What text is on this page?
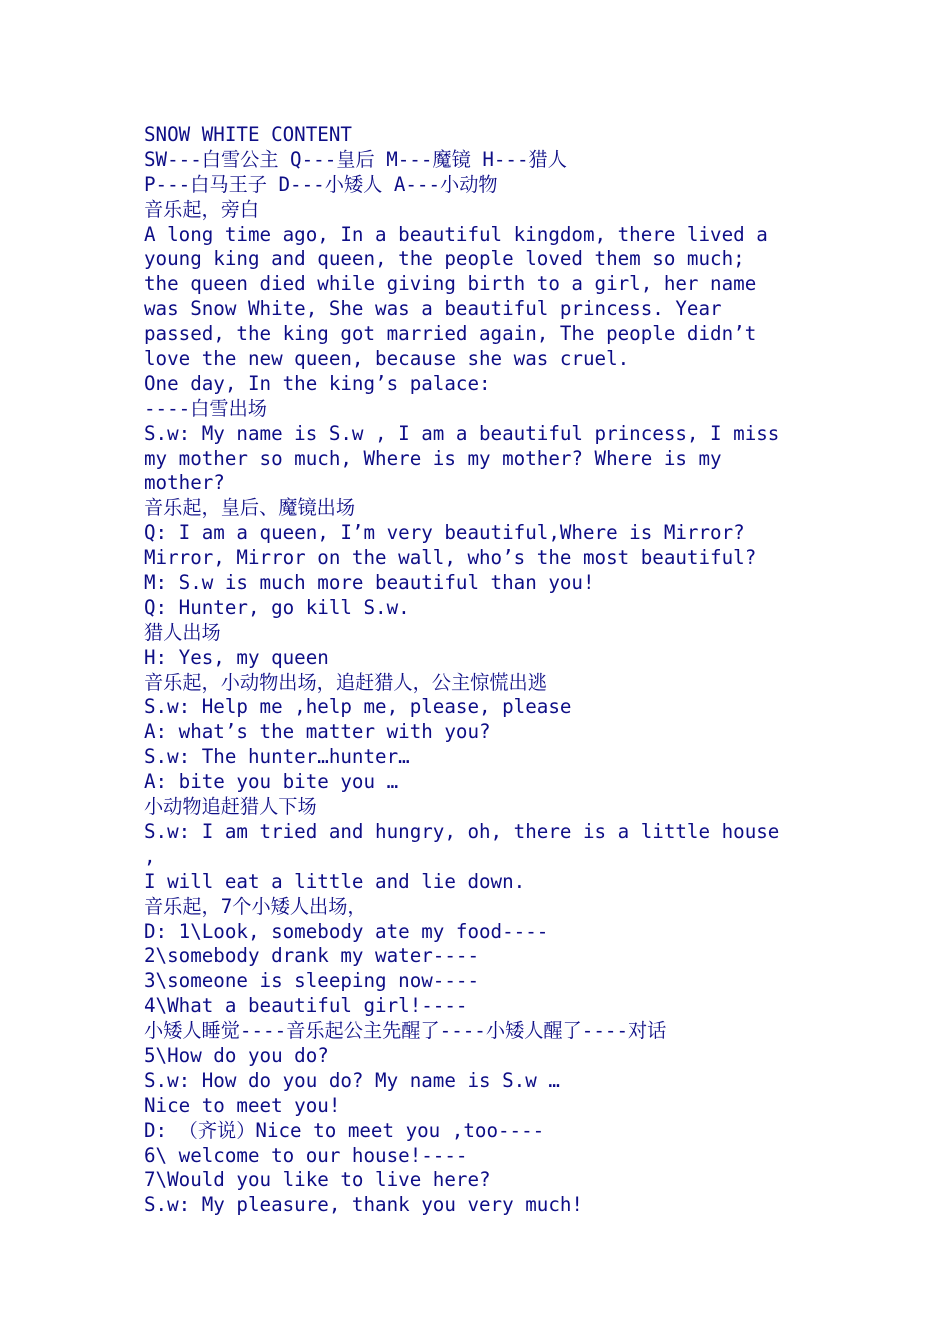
SNOW WHITE CONTENT
SW---白雪公主 Q---皇后 M---魔镜 H---猎人
P---白马王子 D---小矮人 A---小动物
音乐起，旁白
A long time ago, In a beautiful kingdom, there lived a
young king and queen, the people loved them so much;
the queen died while giving birth to a girl, her name
was Snow White, She was a beautiful princess. Year
passed, the king got married again, The people didn’t
love the new queen, because she was cruel.
One day, In the king’s palace:
----白雪出场
S.w: My name is S.w , I am a beautiful princess, I miss
my mother so much, Where is my mother? Where is my
mother?
音乐起，皇后、魔镜出场
Q: I am a queen, I’m very beautiful,Where is Mirror?
Mirror, Mirror on the wall, who’s the most beautiful?
M: S.w is much more beautiful than you!
Q: Hunter, go kill S.w.
猎人出场
H: Yes, my queen
音乐起，小动物出场，追赶猎人，公主惊慌出逃
S.w: Help me ,help me, please, please
A: what’s the matter with you?
S.w: The hunter…hunter…
A: bite you bite you …
小动物追赶猎人下场
S.w: I am tried and hungry, oh, there is a little house
,
I will eat a little and lie down.
音乐起，7个小矮人出场，
D: 1\Look, somebody ate my food----
2\somebody drank my water----
3\someone is sleeping now----
4\What a beautiful girl!----
小矮人睡觉----音乐起公主先醒了----小矮人醒了----对话
5\How do you do?
S.w: How do you do? My name is S.w …
Nice to meet you!
D: （齐说）Nice to meet you ,too----
6\ welcome to our house!----
7\Would you like to live here?
S.w: My pleasure, thank you very much!
